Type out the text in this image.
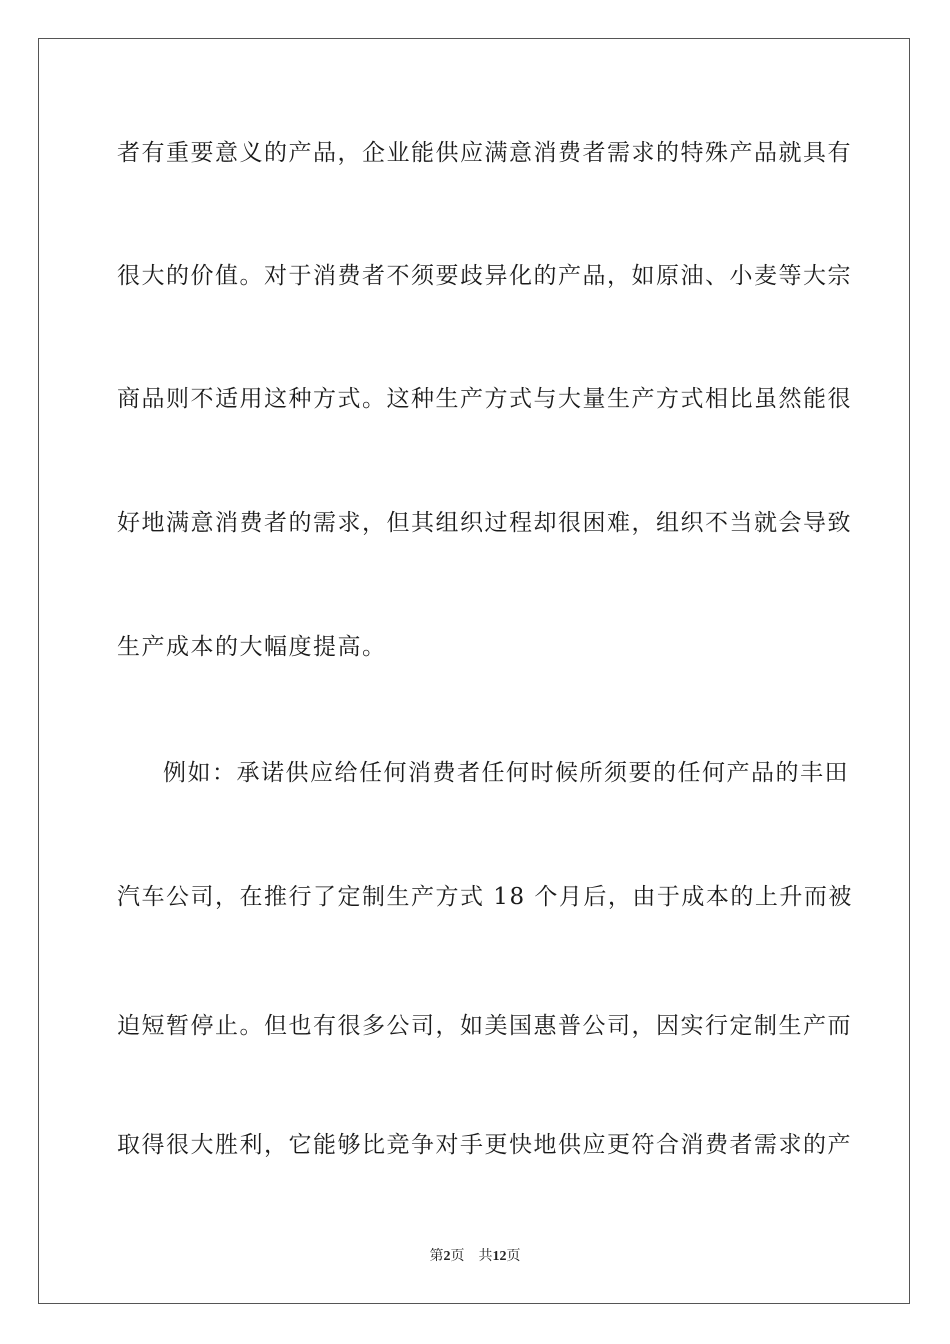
者有重要意义的产品，企业能供应满意消费者需求的特殊产品就具有
很大的价值。对于消费者不须要歧异化的产品，如原油、小麦等大宗
商品则不适用这种方式。这种生产方式与大量生产方式相比虽然能很
好地满意消费者的需求，但其组织过程却很困难，组织不当就会导致
生产成本的大幅度提高。
例如：承诺供应给任何消费者任何时候所须要的任何产品的丰田
汽车公司，在推行了定制生产方式 18 个月后，由于成本的上升而被
迫短暂停止。但也有很多公司，如美国惠普公司，因实行定制生产而
取得很大胜利，它能够比竞争对手更快地供应更符合消费者需求的产
第2页 共12页
